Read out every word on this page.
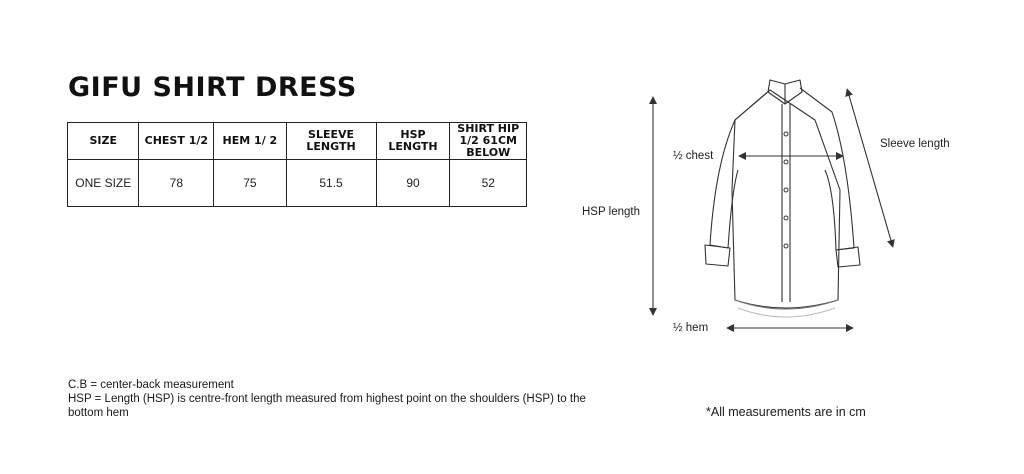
GIFU SHIRT DRESS
SIZE	CHEST 1/2	HEM 1/ 2	SLEEVE LENGTH	HSP LENGTH	SHIRT HIP 1/2 61CM BELOW
ONE SIZE	78	75	51.5	90	52
C.B = center-back measurement
HSP = Length (HSP) is centre-front length measured from highest point on the shoulders (HSP) to the bottom hem
HSP length
½ chest
Sleeve length
½ hem
*All measurements are in cm
